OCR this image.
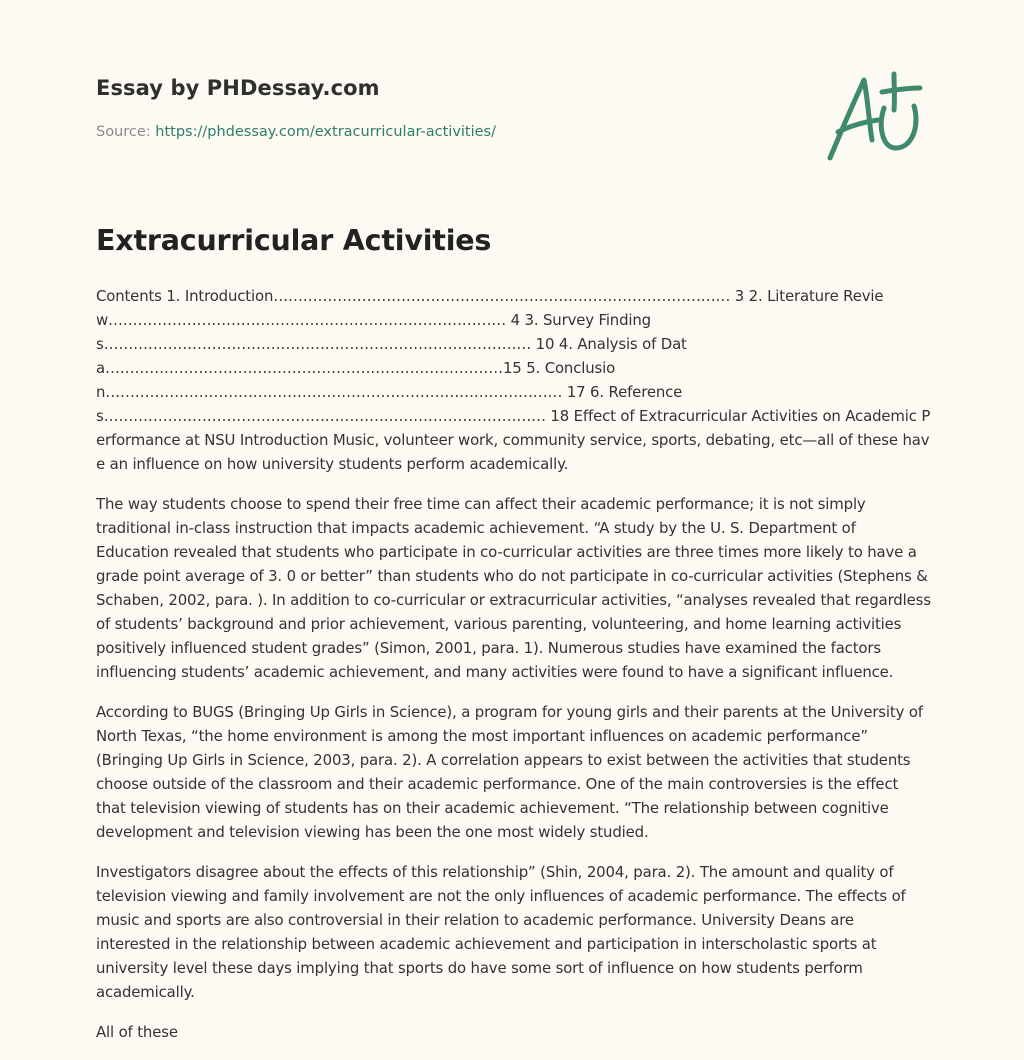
Essay by PHDessay.com
Source: https://phdessay.com/extracurricular-activities/
Extracurricular Activities

Contents 1. Introduction………………………………………………………………………………… 3 2. Literature Review……………………………………………………………………… 4 3. Survey Findings…………………………………………………………………………… 10 4. Analysis of Data………………………………………………………………………15 5. Conclusion………………………………………………………………………………… 17 6. References……………………………………………………………………………… 18 Effect of Extracurricular Activities on Academic Performance at NSU Introduction Music, volunteer work, community service, sports, debating, etc—all of these have an influence on how university students perform academically.

The way students choose to spend their free time can affect their academic performance; it is not simply traditional in-class instruction that impacts academic achievement. “A study by the U. S. Department of Education revealed that students who participate in co-curricular activities are three times more likely to have a grade point average of 3. 0 or better” than students who do not participate in co-curricular activities (Stephens & Schaben, 2002, para. ). In addition to co-curricular or extracurricular activities, “analyses revealed that regardless of students’ background and prior achievement, various parenting, volunteering, and home learning activities positively influenced student grades” (Simon, 2001, para. 1). Numerous studies have examined the factors influencing students’ academic achievement, and many activities were found to have a significant influence.

According to BUGS (Bringing Up Girls in Science), a program for young girls and their parents at the University of North Texas, “the home environment is among the most important influences on academic performance” (Bringing Up Girls in Science, 2003, para. 2). A correlation appears to exist between the activities that students choose outside of the classroom and their academic performance. One of the main controversies is the effect that television viewing of students has on their academic achievement. “The relationship between cognitive development and television viewing has been the one most widely studied.

Investigators disagree about the effects of this relationship” (Shin, 2004, para. 2). The amount and quality of television viewing and family involvement are not the only influences of academic performance. The effects of music and sports are also controversial in their relation to academic performance. University Deans are interested in the relationship between academic achievement and participation in interscholastic sports at university level these days implying that sports do have some sort of influence on how students perform academically.

All of these
